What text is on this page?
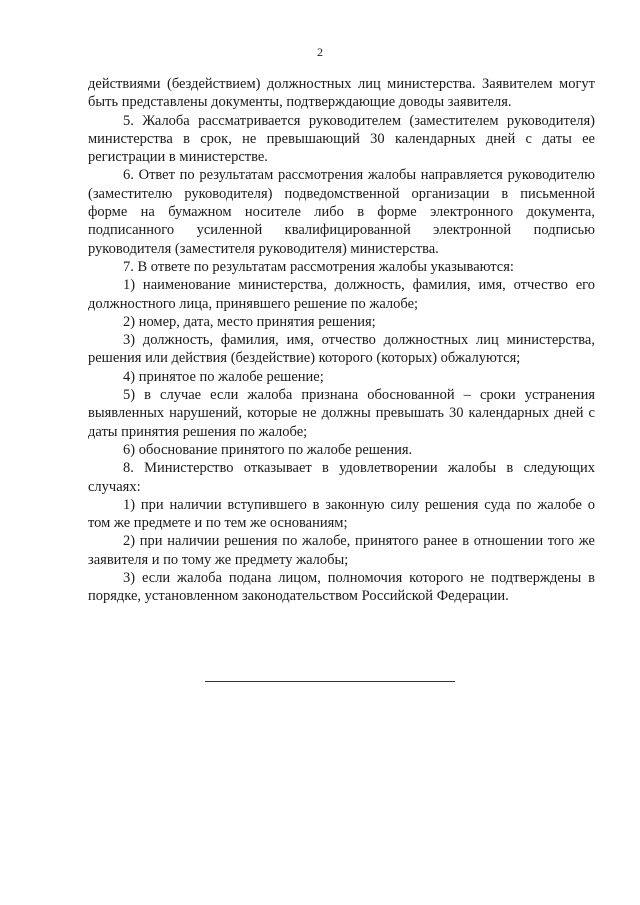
2

действиями (бездействием) должностных лиц министерства. Заявителем могут быть представлены документы, подтверждающие доводы заявителя.

5. Жалоба рассматривается руководителем (заместителем руководителя) министерства в срок, не превышающий 30 календарных дней с даты ее регистрации в министерстве.

6. Ответ по результатам рассмотрения жалобы направляется руководителю (заместителю руководителя) подведомственной организации в письменной форме на бумажном носителе либо в форме электронного документа, подписанного усиленной квалифицированной электронной подписью руководителя (заместителя руководителя) министерства.

7. В ответе по результатам рассмотрения жалобы указываются:

1) наименование министерства, должность, фамилия, имя, отчество его должностного лица, принявшего решение по жалобе;

2) номер, дата, место принятия решения;

3) должность, фамилия, имя, отчество должностных лиц министерства, решения или действия (бездействие) которого (которых) обжалуются;

4) принятое по жалобе решение;

5) в случае если жалоба признана обоснованной – сроки устранения выявленных нарушений, которые не должны превышать 30 календарных дней с даты принятия решения по жалобе;

6) обоснование принятого по жалобе решения.

8. Министерство отказывает в удовлетворении жалобы в следующих случаях:

1) при наличии вступившего в законную силу решения суда по жалобе о том же предмете и по тем же основаниям;

2) при наличии решения по жалобе, принятого ранее в отношении того же заявителя и по тому же предмету жалобы;

3) если жалоба подана лицом, полномочия которого не подтверждены в порядке, установленном законодательством Российской Федерации.
